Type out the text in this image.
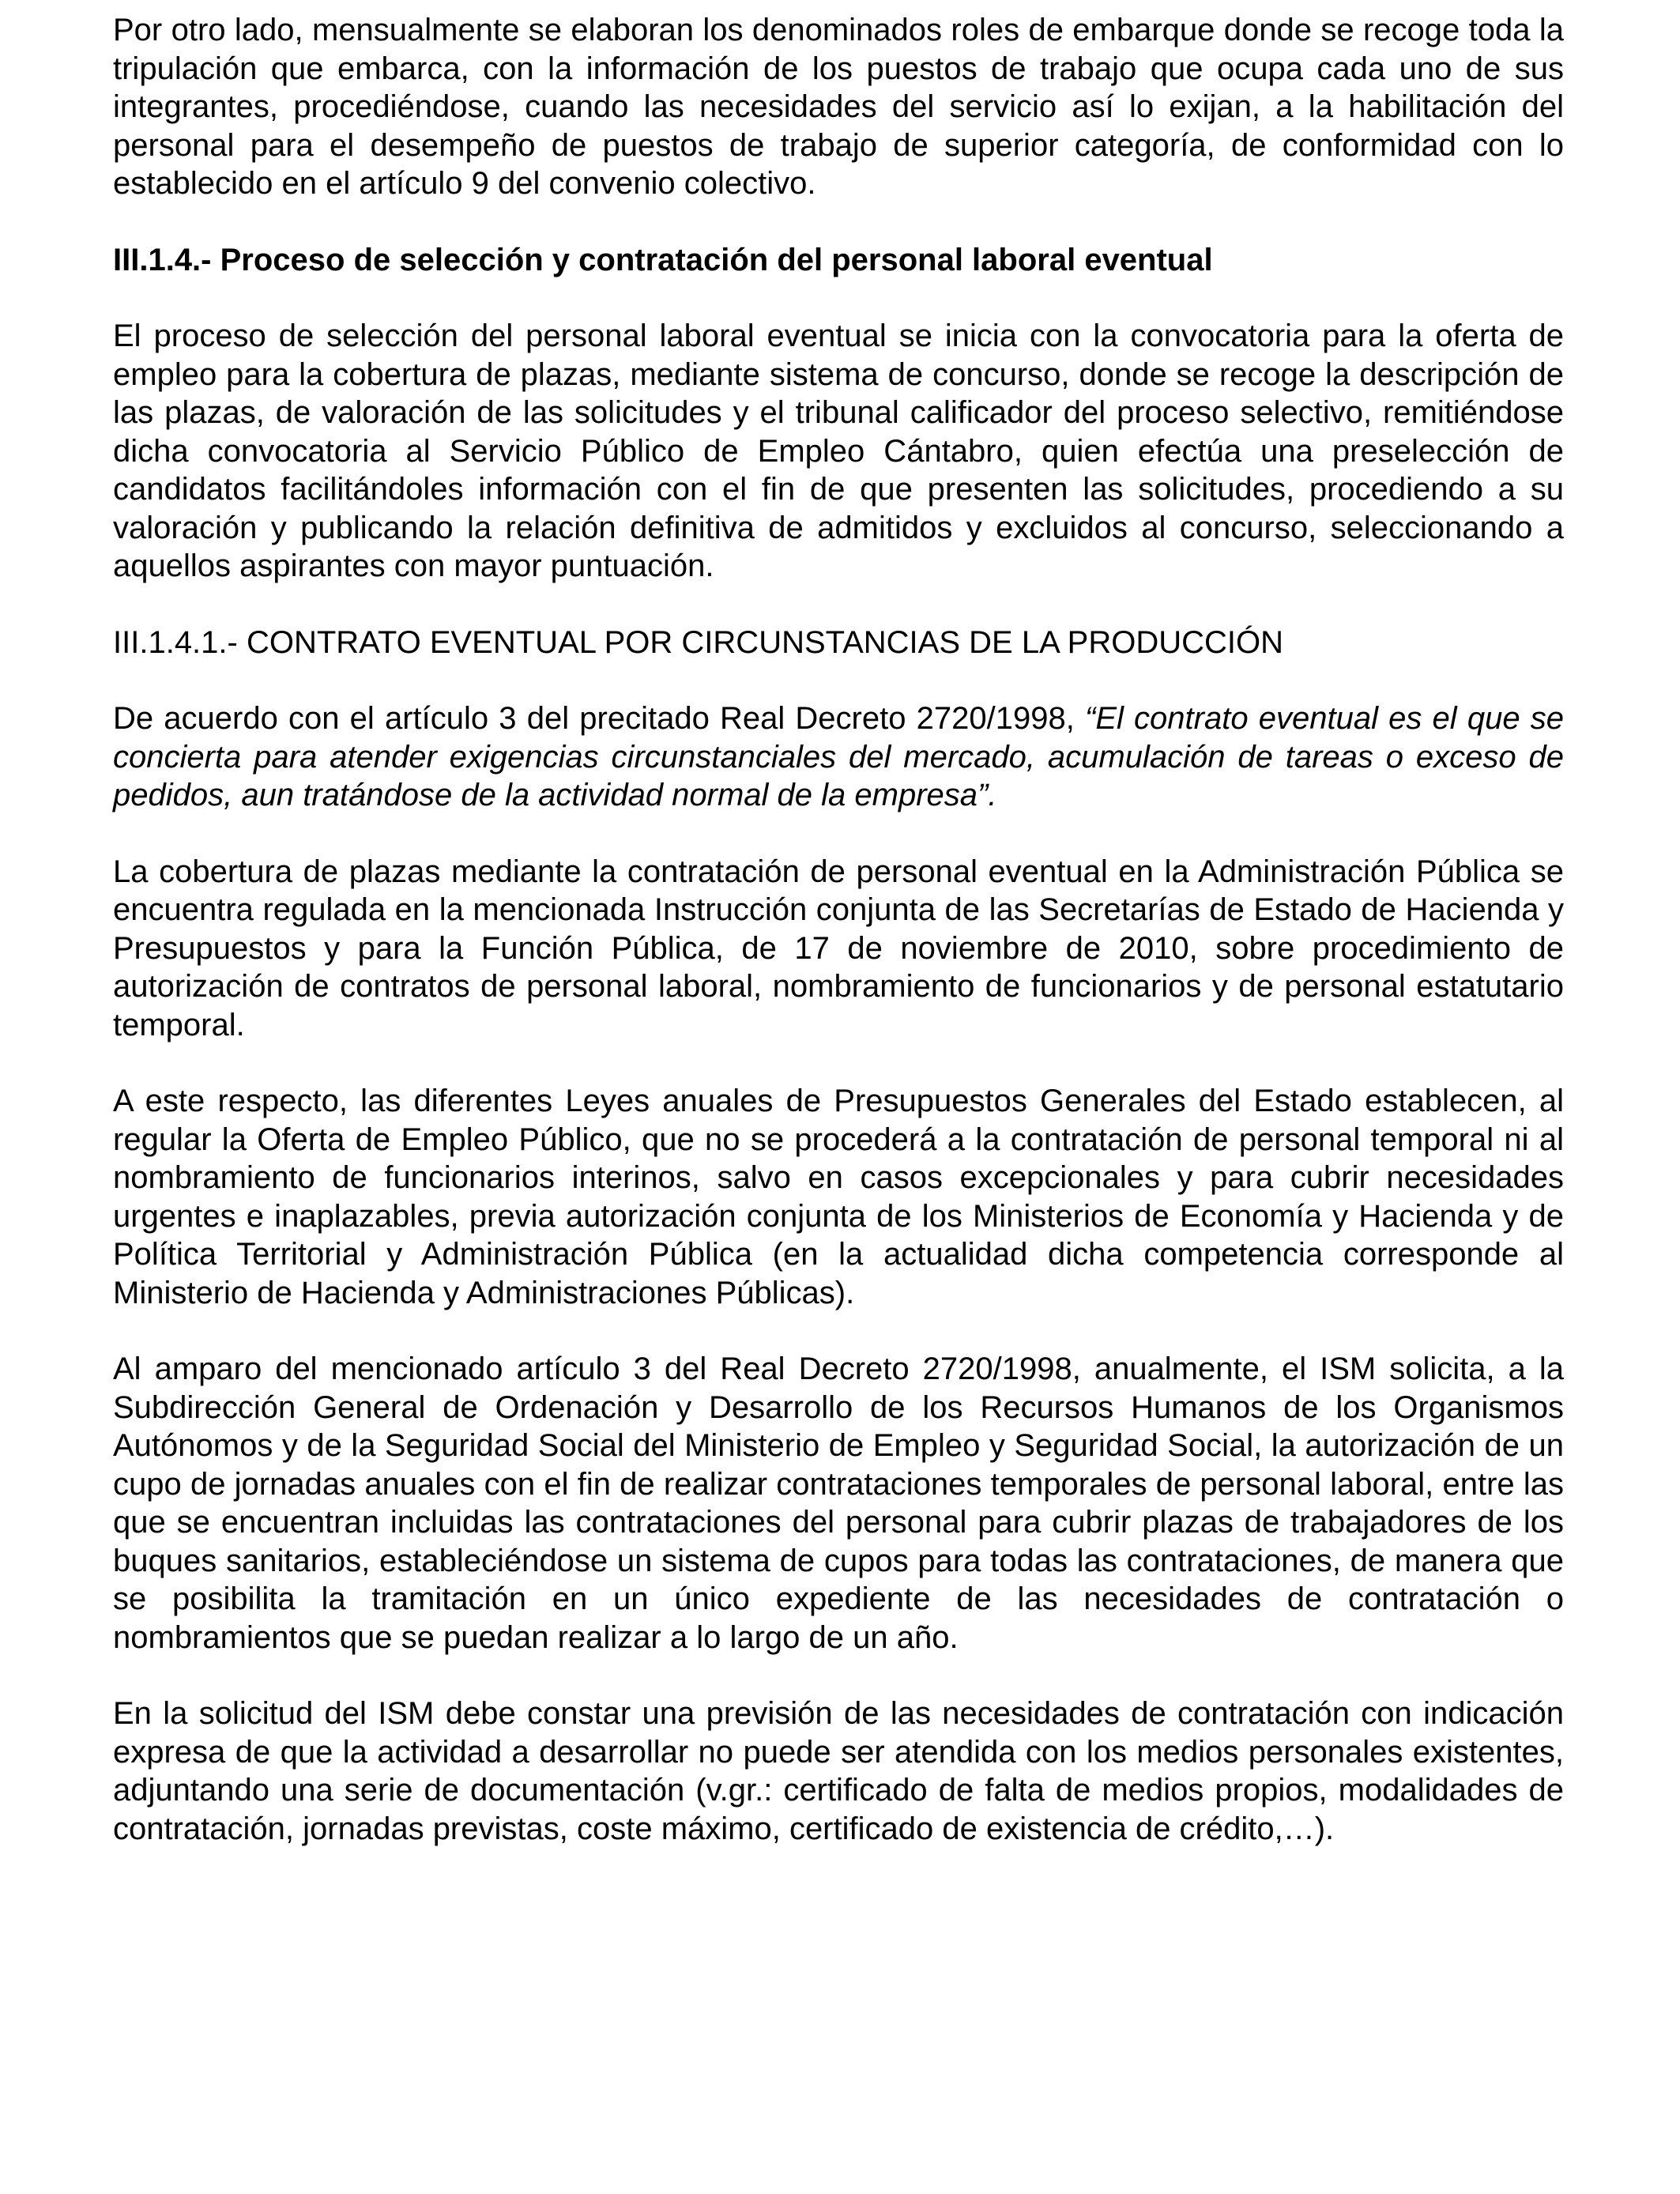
Por otro lado, mensualmente se elaboran los denominados roles de embarque donde se recoge toda la tripulación que embarca, con la información de los puestos de trabajo que ocupa cada uno de sus integrantes, procediéndose, cuando las necesidades del servicio así lo exijan, a la habilitación del personal para el desempeño de puestos de trabajo de superior categoría, de conformidad con lo establecido en el artículo 9 del convenio colectivo.

III.1.4.- Proceso de selección y contratación del personal laboral eventual

El proceso de selección del personal laboral eventual se inicia con la convocatoria para la oferta de empleo para la cobertura de plazas, mediante sistema de concurso, donde se recoge la descripción de las plazas, de valoración de las solicitudes y el tribunal calificador del proceso selectivo, remitiéndose dicha convocatoria al Servicio Público de Empleo Cántabro, quien efectúa una preselección de candidatos facilitándoles información con el fin de que presenten las solicitudes, procediendo a su valoración y publicando la relación definitiva de admitidos y excluidos al concurso, seleccionando a aquellos aspirantes con mayor puntuación.

III.1.4.1.- CONTRATO EVENTUAL POR CIRCUNSTANCIAS DE LA PRODUCCIÓN

De acuerdo con el artículo 3 del precitado Real Decreto 2720/1998, “El contrato eventual es el que se concierta para atender exigencias circunstanciales del mercado, acumulación de tareas o exceso de pedidos, aun tratándose de la actividad normal de la empresa”.

La cobertura de plazas mediante la contratación de personal eventual en la Administración Pública se encuentra regulada en la mencionada Instrucción conjunta de las Secretarías de Estado de Hacienda y Presupuestos y para la Función Pública, de 17 de noviembre de 2010, sobre procedimiento de autorización de contratos de personal laboral, nombramiento de funcionarios y de personal estatutario temporal.

A este respecto, las diferentes Leyes anuales de Presupuestos Generales del Estado establecen, al regular la Oferta de Empleo Público, que no se procederá a la contratación de personal temporal ni al nombramiento de funcionarios interinos, salvo en casos excepcionales y para cubrir necesidades urgentes e inaplazables, previa autorización conjunta de los Ministerios de Economía y Hacienda y de Política Territorial y Administración Pública (en la actualidad dicha competencia corresponde al Ministerio de Hacienda y Administraciones Públicas).

Al amparo del mencionado artículo 3 del Real Decreto 2720/1998, anualmente, el ISM solicita, a la Subdirección General de Ordenación y Desarrollo de los Recursos Humanos de los Organismos Autónomos y de la Seguridad Social del Ministerio de Empleo y Seguridad Social, la autorización de un cupo de jornadas anuales con el fin de realizar contrataciones temporales de personal laboral, entre las que se encuentran incluidas las contrataciones del personal para cubrir plazas de trabajadores de los buques sanitarios, estableciéndose un sistema de cupos para todas las contrataciones, de manera que se posibilita la tramitación en un único expediente de las necesidades de contratación o nombramientos que se puedan realizar a lo largo de un año.

En la solicitud del ISM debe constar una previsión de las necesidades de contratación con indicación expresa de que la actividad a desarrollar no puede ser atendida con los medios personales existentes, adjuntando una serie de documentación (v.gr.: certificado de falta de medios propios, modalidades de contratación, jornadas previstas, coste máximo, certificado de existencia de crédito,…).
